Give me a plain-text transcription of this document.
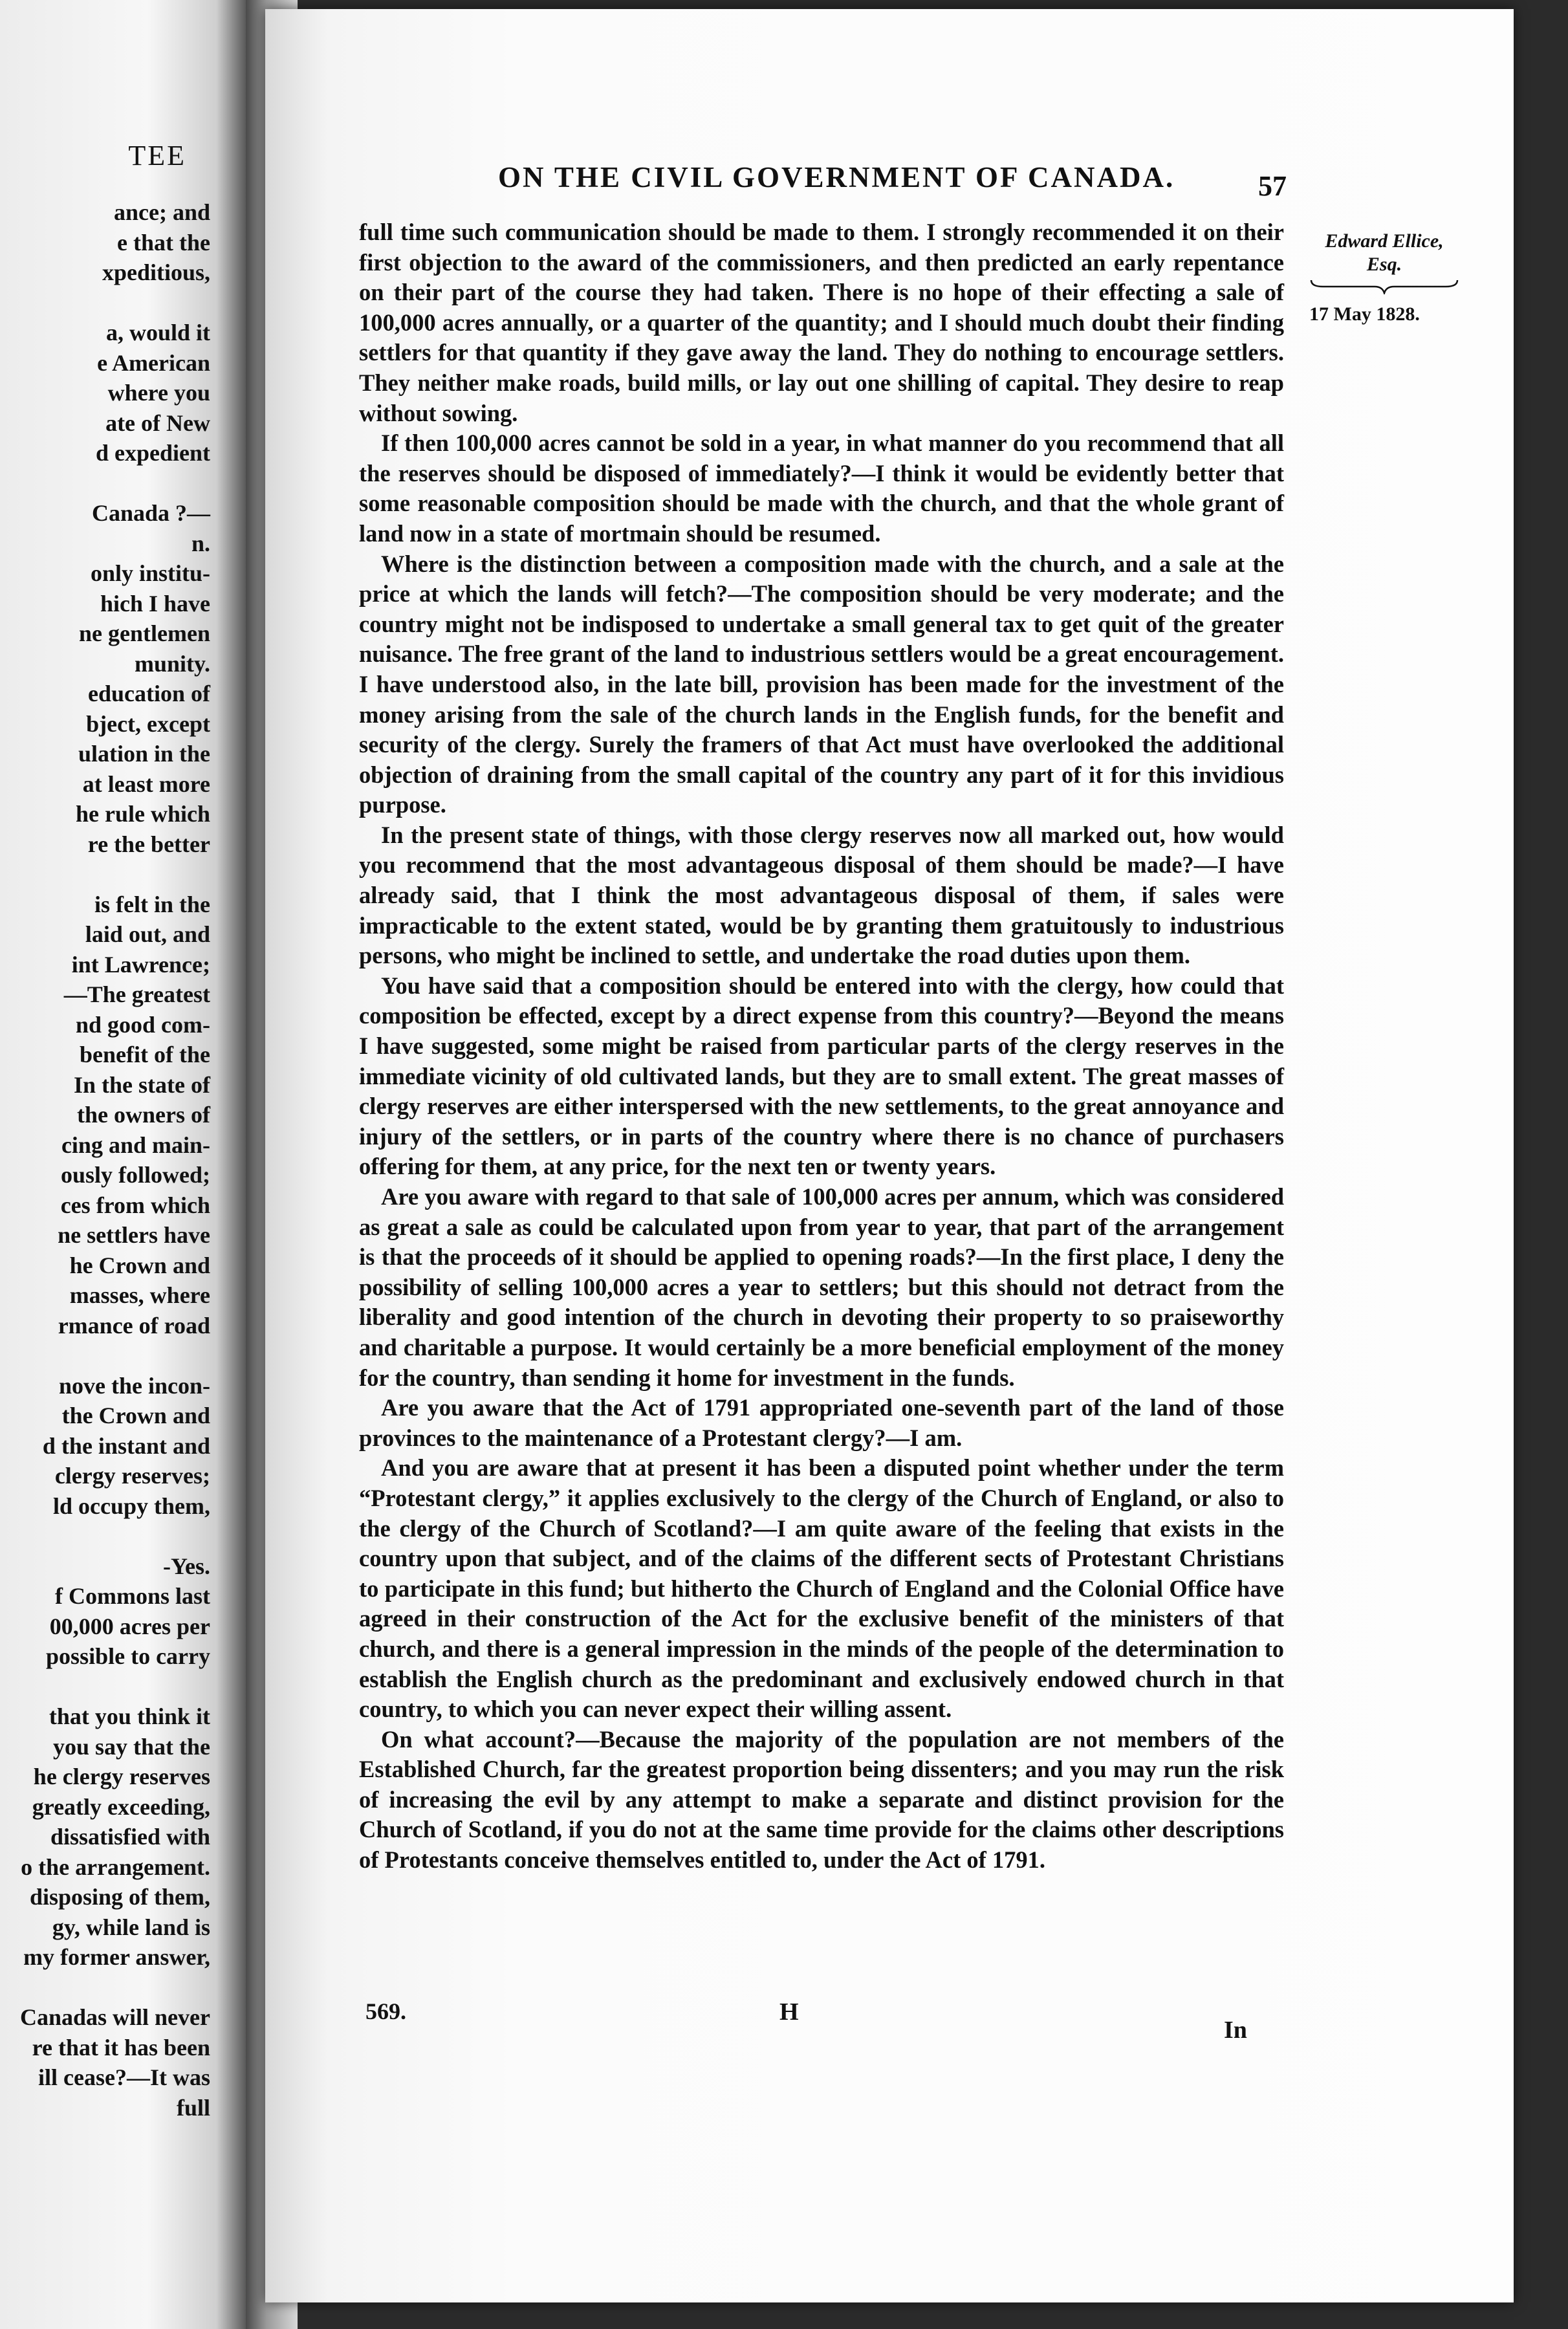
TEE
ance; and
e that the
xpeditious,
a, would it
e American
where you
ate of New
d expedient
Canada ?—
n.
only institu-
hich I have
ne gentlemen
munity.
education of
bject, except
ulation in the
at least more
he rule which
re the better
is felt in the
laid out, and
int Lawrence;
—The greatest
nd good com-
benefit of the
In the state of
the owners of
cing and main-
ously followed;
ces from which
ne settlers have
he Crown and
masses, where
rmance of road
nove the incon-
the Crown and
d the instant and
clergy reserves;
ld occupy them,
-Yes.
f Commons last
00,000 acres per
possible to carry
that you think it
you say that the
he clergy reserves
greatly exceeding,
dissatisfied with
o the arrangement.
disposing of them,
gy, while land is
my former answer,
Canadas will never
re that it has been
ill cease?—It was
full
ON THE CIVIL GOVERNMENT OF CANADA.	57
Edward Ellice,
Esq.
17 May 1828.

full time such communication should be made to them. I strongly recommended it on their first objection to the award of the commissioners, and then predicted an early repentance on their part of the course they had taken. There is no hope of their effecting a sale of 100,000 acres annually, or a quarter of the quantity; and I should much doubt their finding settlers for that quantity if they gave away the land. They do nothing to encourage settlers. They neither make roads, build mills, or lay out one shilling of capital. They desire to reap without sowing.

If then 100,000 acres cannot be sold in a year, in what manner do you recommend that all the reserves should be disposed of immediately?—I think it would be evidently better that some reasonable composition should be made with the church, and that the whole grant of land now in a state of mortmain should be resumed.

Where is the distinction between a composition made with the church, and a sale at the price at which the lands will fetch?—The composition should be very moderate; and the country might not be indisposed to undertake a small general tax to get quit of the greater nuisance. The free grant of the land to industrious settlers would be a great encouragement. I have understood also, in the late bill, provision has been made for the investment of the money arising from the sale of the church lands in the English funds, for the benefit and security of the clergy. Surely the framers of that Act must have overlooked the additional objection of draining from the small capital of the country any part of it for this invidious purpose.

In the present state of things, with those clergy reserves now all marked out, how would you recommend that the most advantageous disposal of them should be made?—I have already said, that I think the most advantageous disposal of them, if sales were impracticable to the extent stated, would be by granting them gratuitously to industrious persons, who might be inclined to settle, and undertake the road duties upon them.

You have said that a composition should be entered into with the clergy, how could that composition be effected, except by a direct expense from this country?—Beyond the means I have suggested, some might be raised from particular parts of the clergy reserves in the immediate vicinity of old cultivated lands, but they are to small extent. The great masses of clergy reserves are either interspersed with the new settlements, to the great annoyance and injury of the settlers, or in parts of the country where there is no chance of purchasers offering for them, at any price, for the next ten or twenty years.

Are you aware with regard to that sale of 100,000 acres per annum, which was considered as great a sale as could be calculated upon from year to year, that part of the arrangement is that the proceeds of it should be applied to opening roads?—In the first place, I deny the possibility of selling 100,000 acres a year to settlers; but this should not detract from the liberality and good intention of the church in devoting their property to so praiseworthy and charitable a purpose. It would certainly be a more beneficial employment of the money for the country, than sending it home for investment in the funds.

Are you aware that the Act of 1791 appropriated one-seventh part of the land of those provinces to the maintenance of a Protestant clergy?—I am.

And you are aware that at present it has been a disputed point whether under the term “Protestant clergy,” it applies exclusively to the clergy of the Church of England, or also to the clergy of the Church of Scotland?—I am quite aware of the feeling that exists in the country upon that subject, and of the claims of the different sects of Protestant Christians to participate in this fund; but hitherto the Church of England and the Colonial Office have agreed in their construction of the Act for the exclusive benefit of the ministers of that church, and there is a general impression in the minds of the people of the determination to establish the English church as the predominant and exclusively endowed church in that country, to which you can never expect their willing assent.

On what account?—Because the majority of the population are not members of the Established Church, far the greatest proportion being dissenters; and you may run the risk of increasing the evil by any attempt to make a separate and distinct provision for the Church of Scotland, if you do not at the same time provide for the claims other descriptions of Protestants conceive themselves entitled to, under the Act of 1791.

569.	H
In
